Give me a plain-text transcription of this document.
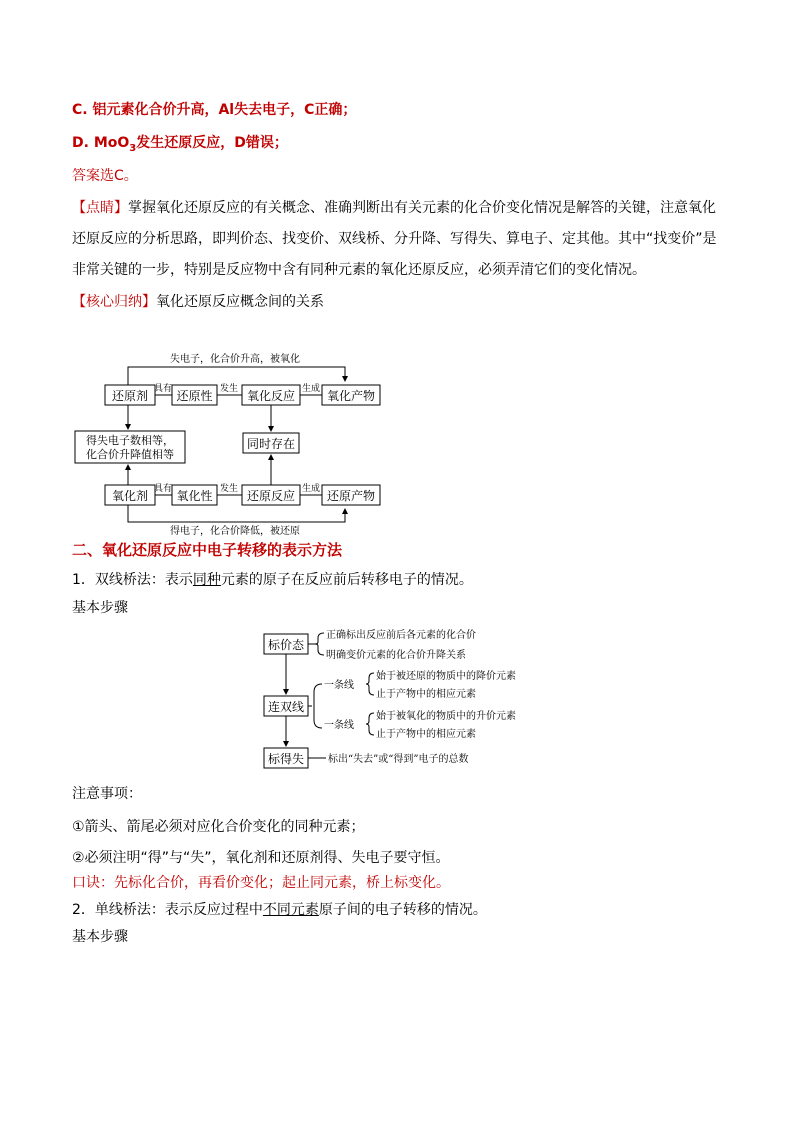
C. 铝元素化合价升高，Al失去电子，C正确；
D. MoO$_3$发生还原反应，D错误；
答案选C。
【点睛】掌握氧化还原反应的有关概念、准确判断出有关元素的化合价变化情况是解答的关键，注意氧化还原反应的分析思路，即判价态、找变价、双线桥、分升降、写得失、算电子、定其他。其中“找变价”是非常关键的一步，特别是反应物中含有同种元素的氧化还原反应，必须弄清它们的变化情况。
【核心归纳】氧化还原反应概念间的关系
失电子，化合价升高，被氧化
还原剂 还原性	氧化反应	氧化产物
具有	发生	生成
得失电子数相等，
化合价升降值相等
同时存在
氧化剂 氧化性	还原反应	还原产物
具有	发生	生成
得电子，化合价降低，被还原
二、氧化还原反应中电子转移的表示方法
1．双线桥法：表示同种元素的原子在反应前后转移电子的情况。
基本步骤
标价态
正确标出反应前后各元素的化合价
明确变价元素的化合价升降关系
连双线
一条线
始于被还原的物质中的降价元素
止于产物中的相应元素
一条线
始于被氧化的物质中的升价元素
止于产物中的相应元素
标得失 标出“失去”或“得到”电子的总数
注意事项：
①箭头、箭尾必须对应化合价变化的同种元素；
②必须注明“得”与“失”，氧化剂和还原剂得、失电子要守恒。
口诀：先标化合价，再看价变化；起止同元素，桥上标变化。
2．单线桥法：表示反应过程中不同元素原子间的电子转移的情况。
基本步骤
